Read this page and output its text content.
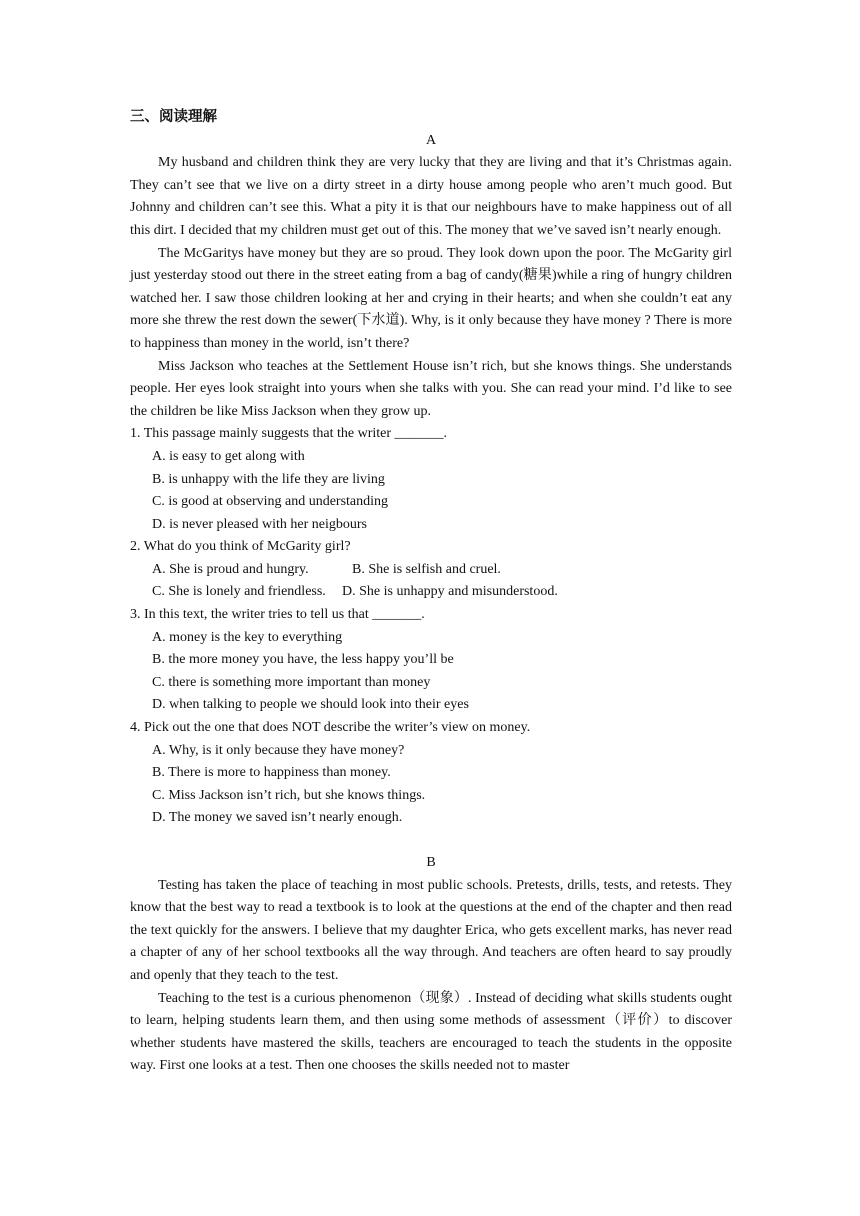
三、阅读理解
A

My husband and children think they are very lucky that they are living and that it’s Christmas again. They can’t see that we live on a dirty street in a dirty house among people who aren’t much good. But Johnny and children can’t see this. What a pity it is that our neighbours have to make happiness out of all this dirt. I decided that my children must get out of this. The money that we’ve saved isn’t nearly enough.

The McGaritys have money but they are so proud. They look down upon the poor. The McGarity girl just yesterday stood out there in the street eating from a bag of candy(糖果)while a ring of hungry children watched her. I saw those children looking at her and crying in their hearts; and when she couldn’t eat any more she threw the rest down the sewer(下水道). Why, is it only because they have money ? There is more to happiness than money in the world, isn’t there?

Miss Jackson who teaches at the Settlement House isn’t rich, but she knows things. She understands people. Her eyes look straight into yours when she talks with you. She can read your mind. I’d like to see the children be like Miss Jackson when they grow up.

1. This passage mainly suggests that the writer _______.

A. is easy to get along with

B. is unhappy with the life they are living

C. is good at observing and understanding

D. is never pleased with her neigbours

2. What do you think of McGarity girl?

A. She is proud and hungry.	B. She is selfish and cruel.
C. She is lonely and friendless.	D. She is unhappy and misunderstood.

3. In this text, the writer tries to tell us that _______.

A. money is the key to everything

B. the more money you have, the less happy you’ll be

C. there is something more important than money

D. when talking to people we should look into their eyes

4. Pick out the one that does NOT describe the writer’s view on money.

A. Why, is it only because they have money?

B. There is more to happiness than money.

C. Miss Jackson isn’t rich, but she knows things.

D. The money we saved isn’t nearly enough.

B

Testing has taken the place of teaching in most public schools. Pretests, drills, tests, and retests. They know that the best way to read a textbook is to look at the questions at the end of the chapter and then read the text quickly for the answers. I believe that my daughter Erica, who gets excellent marks, has never read a chapter of any of her school textbooks all the way through. And teachers are often heard to say proudly and openly that they teach to the test.

Teaching to the test is a curious phenomenon（现象）. Instead of deciding what skills students ought to learn, helping students learn them, and then using some methods of assessment（评价）to discover whether students have mastered the skills, teachers are encouraged to teach the students in the opposite way. First one looks at a test. Then one chooses the skills needed not to master
